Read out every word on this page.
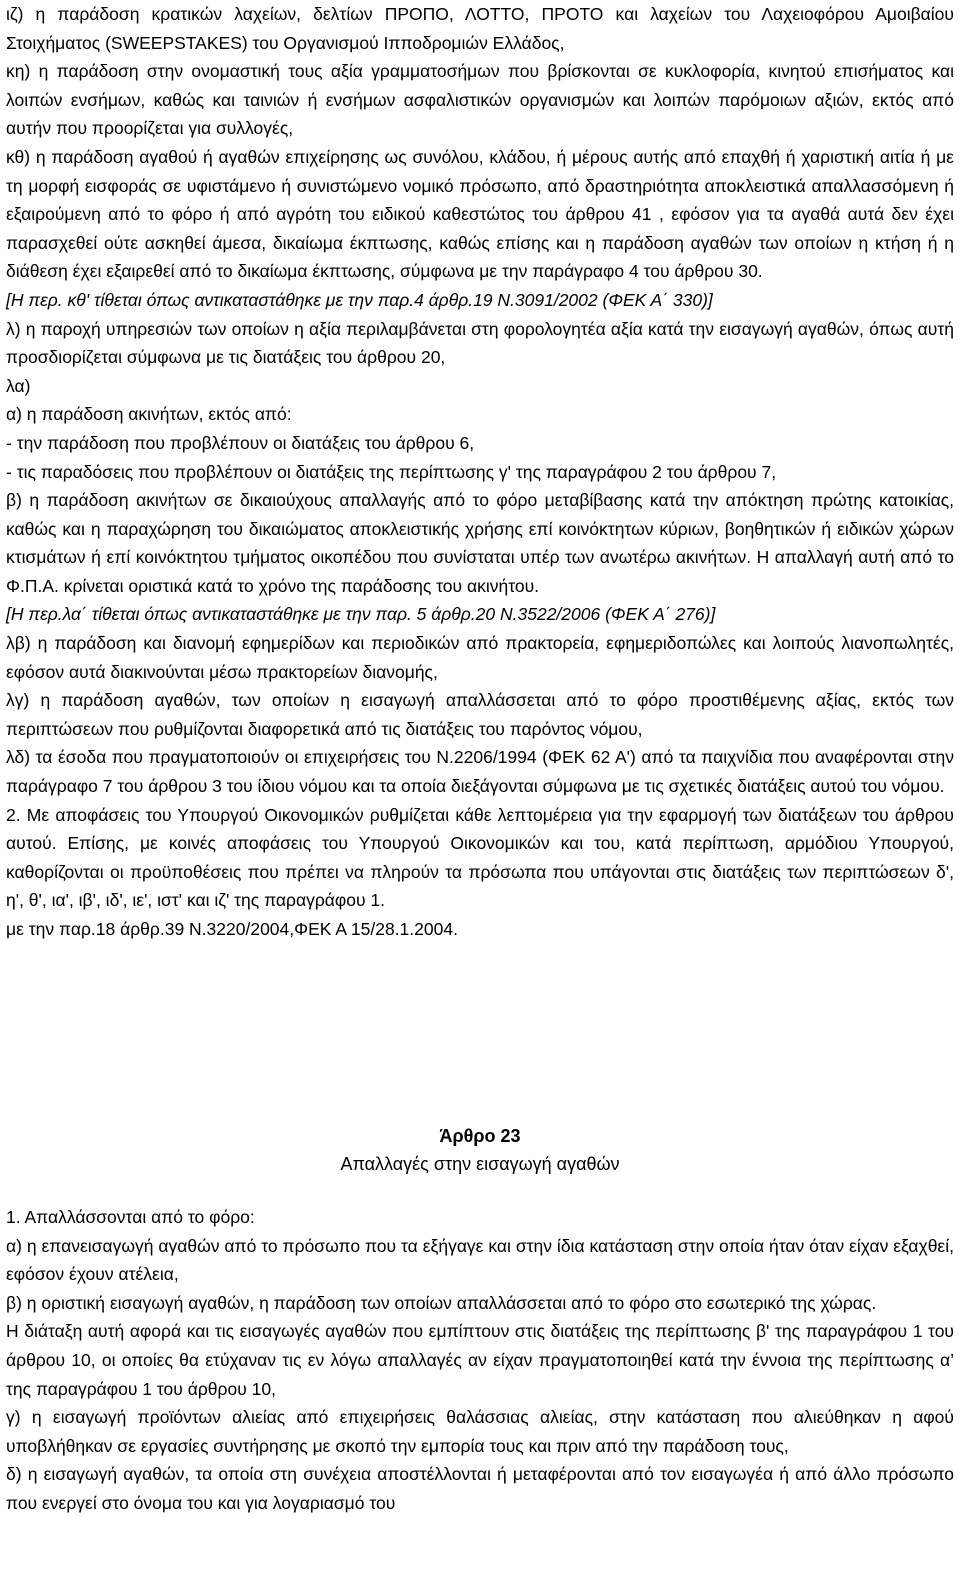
ιζ) η παράδοση κρατικών λαχείων, δελτίων ΠΡΟΠΟ, ΛΟΤΤΟ, ΠΡΟΤΟ και λαχείων του Λαχειοφόρου Αμοιβαίου Στοιχήματος (SWEEPSTAKES) του Οργανισμού Ιπποδρομιών Ελλάδος,

κη) η παράδοση στην ονομαστική τους αξία γραμματοσήμων που βρίσκονται σε κυκλοφορία, κινητού επισήματος και λοιπών ενσήμων, καθώς και ταινιών ή ενσήμων ασφαλιστικών οργανισμών και λοιπών παρόμοιων αξιών, εκτός από αυτήν που προορίζεται για συλλογές,

κθ) η παράδοση αγαθού ή αγαθών επιχείρησης ως συνόλου, κλάδου, ή μέρους αυτής από επαχθή ή χαριστική αιτία ή με τη μορφή εισφοράς σε υφιστάμενο ή συνιστώμενο νομικό πρόσωπο, από δραστηριότητα αποκλειστικά απαλλασσόμενη ή εξαιρούμενη από το φόρο ή από αγρότη του ειδικού καθεστώτος του άρθρου 41 , εφόσον για τα αγαθά αυτά δεν έχει παρασχεθεί ούτε ασκηθεί άμεσα, δικαίωμα έκπτωσης, καθώς επίσης και η παράδοση αγαθών των οποίων η κτήση ή η διάθεση έχει εξαιρεθεί από το δικαίωμα έκπτωσης, σύμφωνα με την παράγραφο 4 του άρθρου 30.

[Η περ. κθ' τίθεται όπως αντικαταστάθηκε με την παρ.4 άρθρ.19 Ν.3091/2002 (ΦΕΚ Α΄ 330)]

λ) η παροχή υπηρεσιών των οποίων η αξία περιλαμβάνεται στη φορολογητέα αξία κατά την εισαγωγή αγαθών, όπως αυτή προσδιορίζεται σύμφωνα με τις διατάξεις του άρθρου 20,

λα)

α) η παράδοση ακινήτων, εκτός από:

- την παράδοση που προβλέπουν οι διατάξεις του άρθρου 6,

- τις παραδόσεις που προβλέπουν οι διατάξεις της περίπτωσης γ' της παραγράφου 2 του άρθρου 7,

β) η παράδοση ακινήτων σε δικαιούχους απαλλαγής από το φόρο μεταβίβασης κατά την απόκτηση πρώτης κατοικίας, καθώς και η παραχώρηση του δικαιώματος αποκλειστικής χρήσης επί κοινόκτητων κύριων, βοηθητικών ή ειδικών χώρων κτισμάτων ή επί κοινόκτητου τμήματος οικοπέδου που συνίσταται υπέρ των ανωτέρω ακινήτων. Η απαλλαγή αυτή από το Φ.Π.Α. κρίνεται οριστικά κατά το χρόνο της παράδοσης του ακινήτου.

[Η περ.λα΄ τίθεται όπως αντικαταστάθηκε με την παρ. 5 άρθρ.20 Ν.3522/2006 (ΦΕΚ Α΄ 276)]

λβ) η παράδοση και διανομή εφημερίδων και περιοδικών από πρακτορεία, εφημεριδοπώλες και λοιπούς λιανοπωλητές, εφόσον αυτά διακινούνται μέσω πρακτορείων διανομής,

λγ) η παράδοση αγαθών, των οποίων η εισαγωγή απαλλάσσεται από το φόρο προστιθέμενης αξίας, εκτός των περιπτώσεων που ρυθμίζονται διαφορετικά από τις διατάξεις του παρόντος νόμου,

λδ) τα έσοδα που πραγματοποιούν οι επιχειρήσεις του Ν.2206/1994 (ΦΕΚ 62 Α') από τα παιχνίδια που αναφέρονται στην παράγραφο 7 του άρθρου 3 του ίδιου νόμου και τα οποία διεξάγονται σύμφωνα με τις σχετικές διατάξεις αυτού του νόμου.

2. Με αποφάσεις του Υπουργού Οικονομικών ρυθμίζεται κάθε λεπτομέρεια για την εφαρμογή των διατάξεων του άρθρου αυτού. Επίσης, με κοινές αποφάσεις του Υπουργού Οικονομικών και του, κατά περίπτωση, αρμόδιου Υπουργού, καθορίζονται οι προϋποθέσεις που πρέπει να πληρούν τα πρόσωπα που υπάγονται στις διατάξεις των περιπτώσεων δ', η', θ', ια', ιβ', ιδ', ιε', ιστ' και ιζ' της παραγράφου 1.

με την παρ.18 άρθρ.39 Ν.3220/2004,ΦΕΚ Α 15/28.1.2004.

Άρθρο 23
Απαλλαγές στην εισαγωγή αγαθών

1. Απαλλάσσονται από το φόρο:

α) η επανεισαγωγή αγαθών από το πρόσωπο που τα εξήγαγε και στην ίδια κατάσταση στην οποία ήταν όταν είχαν εξαχθεί, εφόσον έχουν ατέλεια,

β) η οριστική εισαγωγή αγαθών, η παράδοση των οποίων απαλλάσσεται από το φόρο στο εσωτερικό της χώρας.

Η διάταξη αυτή αφορά και τις εισαγωγές αγαθών που εμπίπτουν στις διατάξεις της περίπτωσης β' της παραγράφου 1 του άρθρου 10, οι οποίες θα ετύχαναν τις εν λόγω απαλλαγές αν είχαν πραγματοποιηθεί κατά την έννοια της περίπτωσης α’ της παραγράφου 1 του άρθρου 10,

γ) η εισαγωγή προϊόντων αλιείας από επιχειρήσεις θαλάσσιας αλιείας, στην κατάσταση που αλιεύθηκαν η αφού υποβλήθηκαν σε εργασίες συντήρησης με σκοπό την εμπορία τους και πριν από την παράδοση τους,

δ) η εισαγωγή αγαθών, τα οποία στη συνέχεια αποστέλλονται ή μεταφέρονται από τον εισαγωγέα ή από άλλο πρόσωπο που ενεργεί στο όνομα του και για λογαριασμό του
